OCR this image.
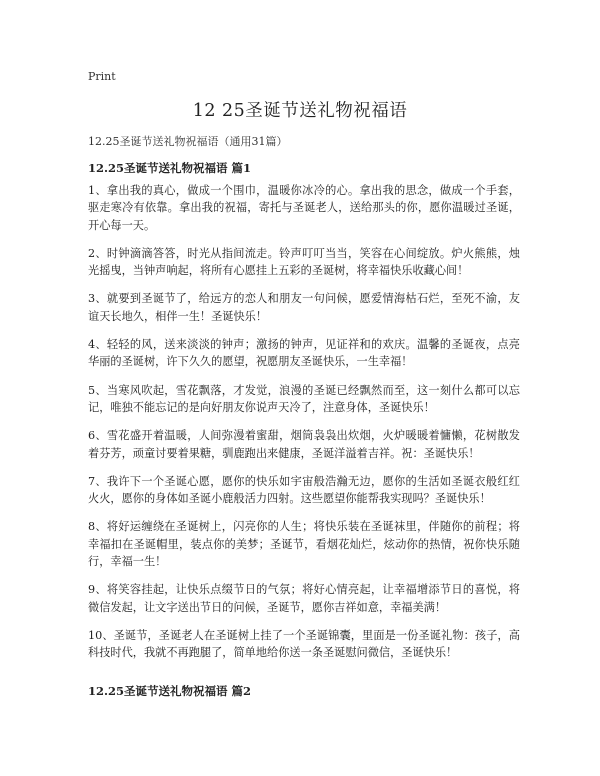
Print
12 25圣诞节送礼物祝福语
12.25圣诞节送礼物祝福语（通用31篇）
12.25圣诞节送礼物祝福语 篇1

1、拿出我的真心，做成一个围巾，温暖你冰冷的心。拿出我的思念，做成一个手套，驱走寒冷有依靠。拿出我的祝福，寄托与圣诞老人，送给那头的你，愿你温暖过圣诞，开心每一天。

2、时钟滴滴答答，时光从指间流走。铃声叮叮当当，笑容在心间绽放。炉火熊熊，烛光摇曳，当钟声响起，将所有心愿挂上五彩的圣诞树，将幸福快乐收藏心间！

3、就要到圣诞节了，给远方的恋人和朋友一句问候，愿爱情海枯石烂，至死不渝，友谊天长地久，相伴一生！圣诞快乐！

4、轻轻的风，送来淡淡的钟声；激扬的钟声，见证祥和的欢庆。温馨的圣诞夜，点亮华丽的圣诞树，许下久久的愿望，祝愿朋友圣诞快乐，一生幸福！

5、当寒风吹起，雪花飘落，才发觉，浪漫的圣诞已经飘然而至，这一刻什么都可以忘记，唯独不能忘记的是向好朋友你说声天冷了，注意身体，圣诞快乐！

6、雪花盛开着温暖，人间弥漫着蜜甜，烟筒袅袅出炊烟，火炉暖暖着慵懒，花树散发着芬芳，顽童讨要着果糖，驯鹿跑出来健康，圣诞洋溢着吉祥。祝：圣诞快乐！

7、我许下一个圣诞心愿，愿你的快乐如宇宙般浩瀚无边，愿你的生活如圣诞衣般红红火火，愿你的身体如圣诞小鹿般活力四射。这些愿望你能帮我实现吗？圣诞快乐！

8、将好运缠绕在圣诞树上，闪亮你的人生；将快乐装在圣诞袜里，伴随你的前程；将幸福扣在圣诞帽里，装点你的美梦；圣诞节，看烟花灿烂，炫动你的热情，祝你快乐随行，幸福一生！

9、将笑容挂起，让快乐点缀节日的气氛；将好心情亮起，让幸福增添节日的喜悦，将微信发起，让文字送出节日的问候，圣诞节，愿你吉祥如意，幸福美满！

10、圣诞节，圣诞老人在圣诞树上挂了一个圣诞锦囊，里面是一份圣诞礼物：孩子，高科技时代，我就不再跑腿了，简单地给你送一条圣诞慰问微信，圣诞快乐！

12.25圣诞节送礼物祝福语 篇2
